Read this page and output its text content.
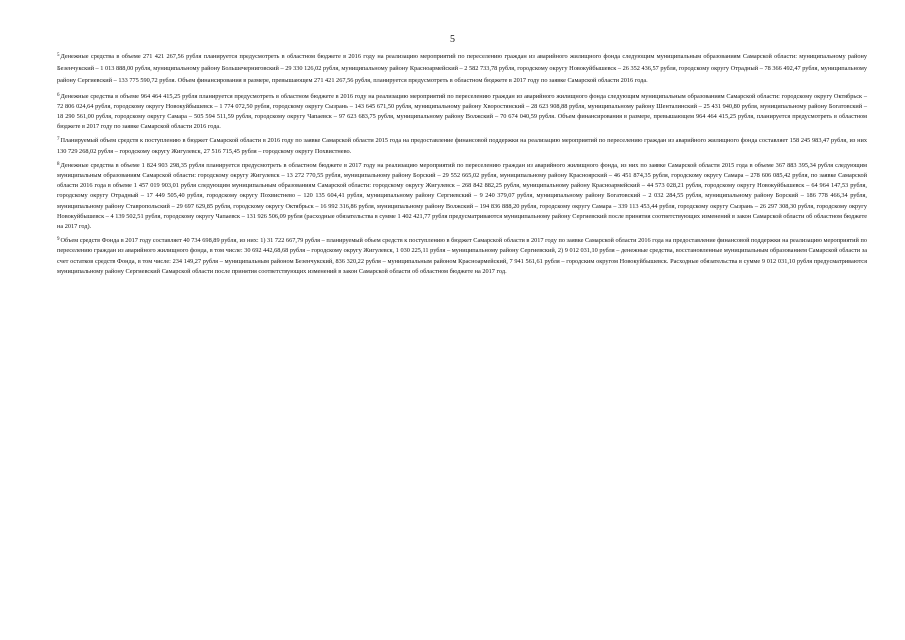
5

$^5$Денежные средства в объеме 271 421 267,56 рубля планируется предусмотреть в областном бюджете в 2016 году на реализацию мероприятий по переселению граждан из аварийного жилищного фонда следующим муниципальным образованиям Самарской области: муниципальному району Безенчукский – 1 013 888,00 рубля, муниципальному району Большечерниговский – 29 330 126,02 рубля, муниципальному району Красноармейский – 2 582 733,78 рубля, городскому округу Новокуйбышевск – 26 352 436,57 рубля, городскому округу Отрадный – 78 366 492,47 рубля, муниципальному району Сергиевский – 133 775 590,72 рубля. Объем финансирования в размере, превышающем 271 421 267,56 рубля, планируется предусмотреть в областном бюджете в 2017 году по заявке Самарской области 2016 года.

$^6$Денежные средства в объеме 964 464 415,25 рубля планируется предусмотреть в областном бюджете в 2016 году на реализацию мероприятий по переселению граждан из аварийного жилищного фонда следующим муниципальным образованиям Самарской области: городскому округу Октябрьск – 72 806 024,64 рубля, городскому округу Новокуйбышевск – 1 774 072,50 рубля, городскому округу Сызрань – 143 645 671,50 рубля, муниципальному району Хворостянский – 28 623 908,88 рубля, муниципальному району Шенталинский – 25 431 940,80 рубля, муниципальному району Богатовский – 18 290 561,00 рубля, городскому округу Самара – 505 594 511,59 рубля, городскому округу Чапаевск – 97 623 683,75 рубля, муниципальному району Волжский – 70 674 040,59 рубля. Объем финансирования в размере, превышающем 964 464 415,25 рубля, планируется предусмотреть в областном бюджете в 2017 году по заявке Самарской области 2016 года.

$^7$Планируемый объем средств к поступлению в бюджет Самарской области в 2016 году по заявке Самарской области 2015 года на предоставление финансовой поддержки на реализацию мероприятий по переселению граждан из аварийного жилищного фонда составляет 158 245 983,47 рубля, из них 130 729 268,02 рубля – городскому округу Жигулевск, 27 516 715,45 рубля – городскому округу Похвистнево.

$^8$Денежные средства в объеме 1 824 903 298,35 рубля планируется предусмотреть в областном бюджете в 2017 году на реализацию мероприятий по переселению граждан из аварийного жилищного фонда, из них по заявке Самарской области 2015 года в объеме 367 883 395,34 рубля следующим муниципальным образованиям Самарской области: городскому округу Жигулевск – 13 272 770,55 рубля, муниципальному району Борский – 29 552 665,02 рубля, муниципальному району Красноярский – 46 451 874,35 рубля, городскому округу Самара – 278 606 085,42 рубля, по заявке Самарской области 2016 года в объеме 1 457 019 903,01 рубля следующим муниципальным образованиям Самарской области: городскому округу Жигулевск – 268 842 882,25 рубля, муниципальному району Красноармейский – 44 573 028,21 рубля, городскому округу Новокуйбышевск – 64 964 147,53 рубля, городскому округу Отрадный – 17 449 505,40 рубля, городскому округу Похвистнево – 120 135 604,41 рубля, муниципальному району Сергиевский – 9 240 379,07 рубля, муниципальному району Богатовский – 2 032 284,55 рубля, муниципальному району Борский – 186 778 466,34 рубля, муниципальному району Ставропольский – 29 697 629,85 рубля, городскому округу Октябрьск – 16 992 316,86 рубля, муниципальному району Волжский – 194 836 888,20 рубля, городскому округу Самара – 339 113 453,44 рубля, городскому округу Сызрань – 26 297 308,30 рубля, городскому округу Новокуйбышевск – 4 139 502,51 рубля, городскому округу Чапаевск – 131 926 506,09 рубля (расходные обязательства в сумме 1 402 421,77 рубля предусматриваются муниципальному району Сергиевский после принятия соответствующих изменений в закон Самарской области об областном бюджете на 2017 год).

$^9$Объем средств Фонда в 2017 году составляет 40 734 698,89 рубля, из них: 1) 31 722 667,79 рубля – планируемый объем средств к поступлению в бюджет Самарской области в 2017 году по заявке Самарской области 2016 года на предоставление финансовой поддержки на реализацию мероприятий по переселению граждан из аварийного жилищного фонда, в том числе: 30 692 442,68,68 рубля – городскому округу Жигулевск, 1 030 225,11 рубля – муниципальному району Сергиевский, 2) 9 012 031,10 рубля – денежные средства, восстановленные муниципальным образованием Самарской области за счет остатков средств Фонда, в том числе: 234 149,27 рубля – муниципальным районом Безенчукский, 836 320,22 рубля – муниципальным районом Красноармейский, 7 941 561,61 рубля – городским округом Новокуйбышевск. Расходные обязательства в сумме 9 012 031,10 рубля предусматриваются муниципальному району Сергиевский Самарской области после принятия соответствующих изменений в закон Самарской области об областном бюджете на 2017 год.
